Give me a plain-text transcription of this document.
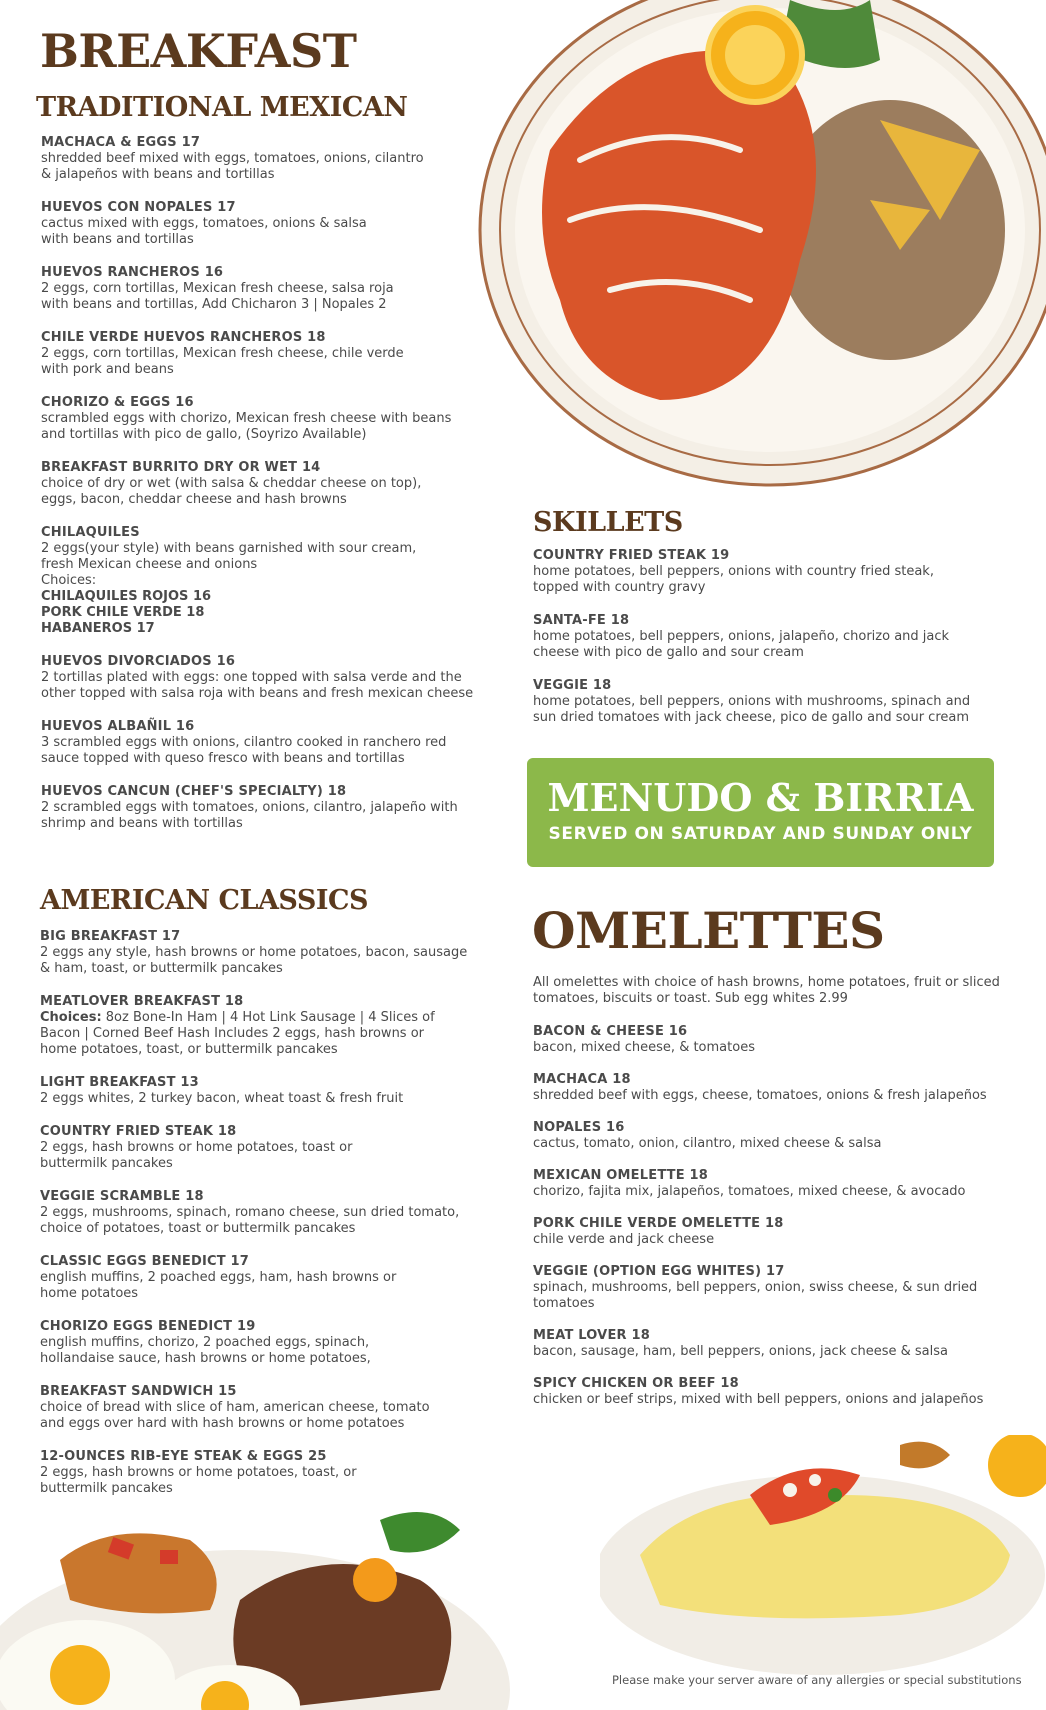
BREAKFAST
TRADITIONAL MEXICAN
MACHACA & EGGS 17
shredded beef mixed with eggs, tomatoes, onions, cilantro
& jalapeños with beans and tortillas
HUEVOS CON NOPALES 17
cactus mixed with eggs, tomatoes, onions & salsa
with beans and tortillas
HUEVOS RANCHEROS 16
2 eggs, corn tortillas, Mexican fresh cheese, salsa roja
with beans and tortillas, Add Chicharon 3 | Nopales 2
CHILE VERDE HUEVOS RANCHEROS 18
2 eggs, corn tortillas, Mexican fresh cheese, chile verde
with pork and beans
CHORIZO & EGGS 16
scrambled eggs with chorizo, Mexican fresh cheese with beans
and tortillas with pico de gallo, (Soyrizo Available)
BREAKFAST BURRITO DRY OR WET 14
choice of dry or wet (with salsa & cheddar cheese on top),
eggs, bacon, cheddar cheese and hash browns
CHILAQUILES
2 eggs(your style) with beans garnished with sour cream,
fresh Mexican cheese and onions
Choices:
CHILAQUILES ROJOS 16
PORK CHILE VERDE 18
HABANEROS 17
HUEVOS DIVORCIADOS 16
2 tortillas plated with eggs: one topped with salsa verde and the
other topped with salsa roja with beans and fresh mexican cheese
HUEVOS ALBAÑIL 16
3 scrambled eggs with onions, cilantro cooked in ranchero red
sauce topped with queso fresco with beans and tortillas
HUEVOS CANCUN (CHEF'S SPECIALTY) 18
2 scrambled eggs with tomatoes, onions, cilantro, jalapeño with
shrimp and beans with tortillas
AMERICAN CLASSICS
BIG BREAKFAST 17
2 eggs any style, hash browns or home potatoes, bacon, sausage
& ham, toast, or buttermilk pancakes
MEATLOVER BREAKFAST 18
Choices: 8oz Bone-In Ham | 4 Hot Link Sausage | 4 Slices of
Bacon | Corned Beef Hash Includes 2 eggs, hash browns or
home potatoes, toast, or buttermilk pancakes
LIGHT BREAKFAST 13
2 eggs whites, 2 turkey bacon, wheat toast & fresh fruit
COUNTRY FRIED STEAK 18
2 eggs, hash browns or home potatoes, toast or
buttermilk pancakes
VEGGIE SCRAMBLE 18
2 eggs, mushrooms, spinach, romano cheese, sun dried tomato,
choice of potatoes, toast or buttermilk pancakes
CLASSIC EGGS BENEDICT 17
english muffins, 2 poached eggs, ham, hash browns or
home potatoes
CHORIZO EGGS BENEDICT 19
english muffins, chorizo, 2 poached eggs, spinach,
hollandaise sauce, hash browns or home potatoes,
BREAKFAST SANDWICH 15
choice of bread with slice of ham, american cheese, tomato
and eggs over hard with hash browns or home potatoes
12-OUNCES RIB-EYE STEAK & EGGS 25
2 eggs, hash browns or home potatoes, toast, or
buttermilk pancakes
SKILLETS
COUNTRY FRIED STEAK 19
home potatoes, bell peppers, onions with country fried steak,
topped with country gravy
SANTA-FE 18
home potatoes, bell peppers, onions, jalapeño, chorizo and jack
cheese with pico de gallo and sour cream
VEGGIE 18
home potatoes, bell peppers, onions with mushrooms, spinach and
sun dried tomatoes with jack cheese, pico de gallo and sour cream
MENUDO & BIRRIA
SERVED ON SATURDAY AND SUNDAY ONLY
OMELETTES
All omelettes with choice of hash browns, home potatoes, fruit or sliced
tomatoes, biscuits or toast. Sub egg whites 2.99
BACON & CHEESE 16
bacon, mixed cheese, & tomatoes
MACHACA 18
shredded beef with eggs, cheese, tomatoes, onions & fresh jalapeños
NOPALES 16
cactus, tomato, onion, cilantro, mixed cheese & salsa
MEXICAN OMELETTE 18
chorizo, fajita mix, jalapeños, tomatoes, mixed cheese, & avocado
PORK CHILE VERDE OMELETTE 18
chile verde and jack cheese
VEGGIE (OPTION EGG WHITES) 17
spinach, mushrooms, bell peppers, onion, swiss cheese, & sun dried
tomatoes
MEAT LOVER 18
bacon, sausage, ham, bell peppers, onions, jack cheese & salsa
SPICY CHICKEN OR BEEF 18
chicken or beef strips, mixed with bell peppers, onions and jalapeños
Please make your server aware of any allergies or special substitutions
